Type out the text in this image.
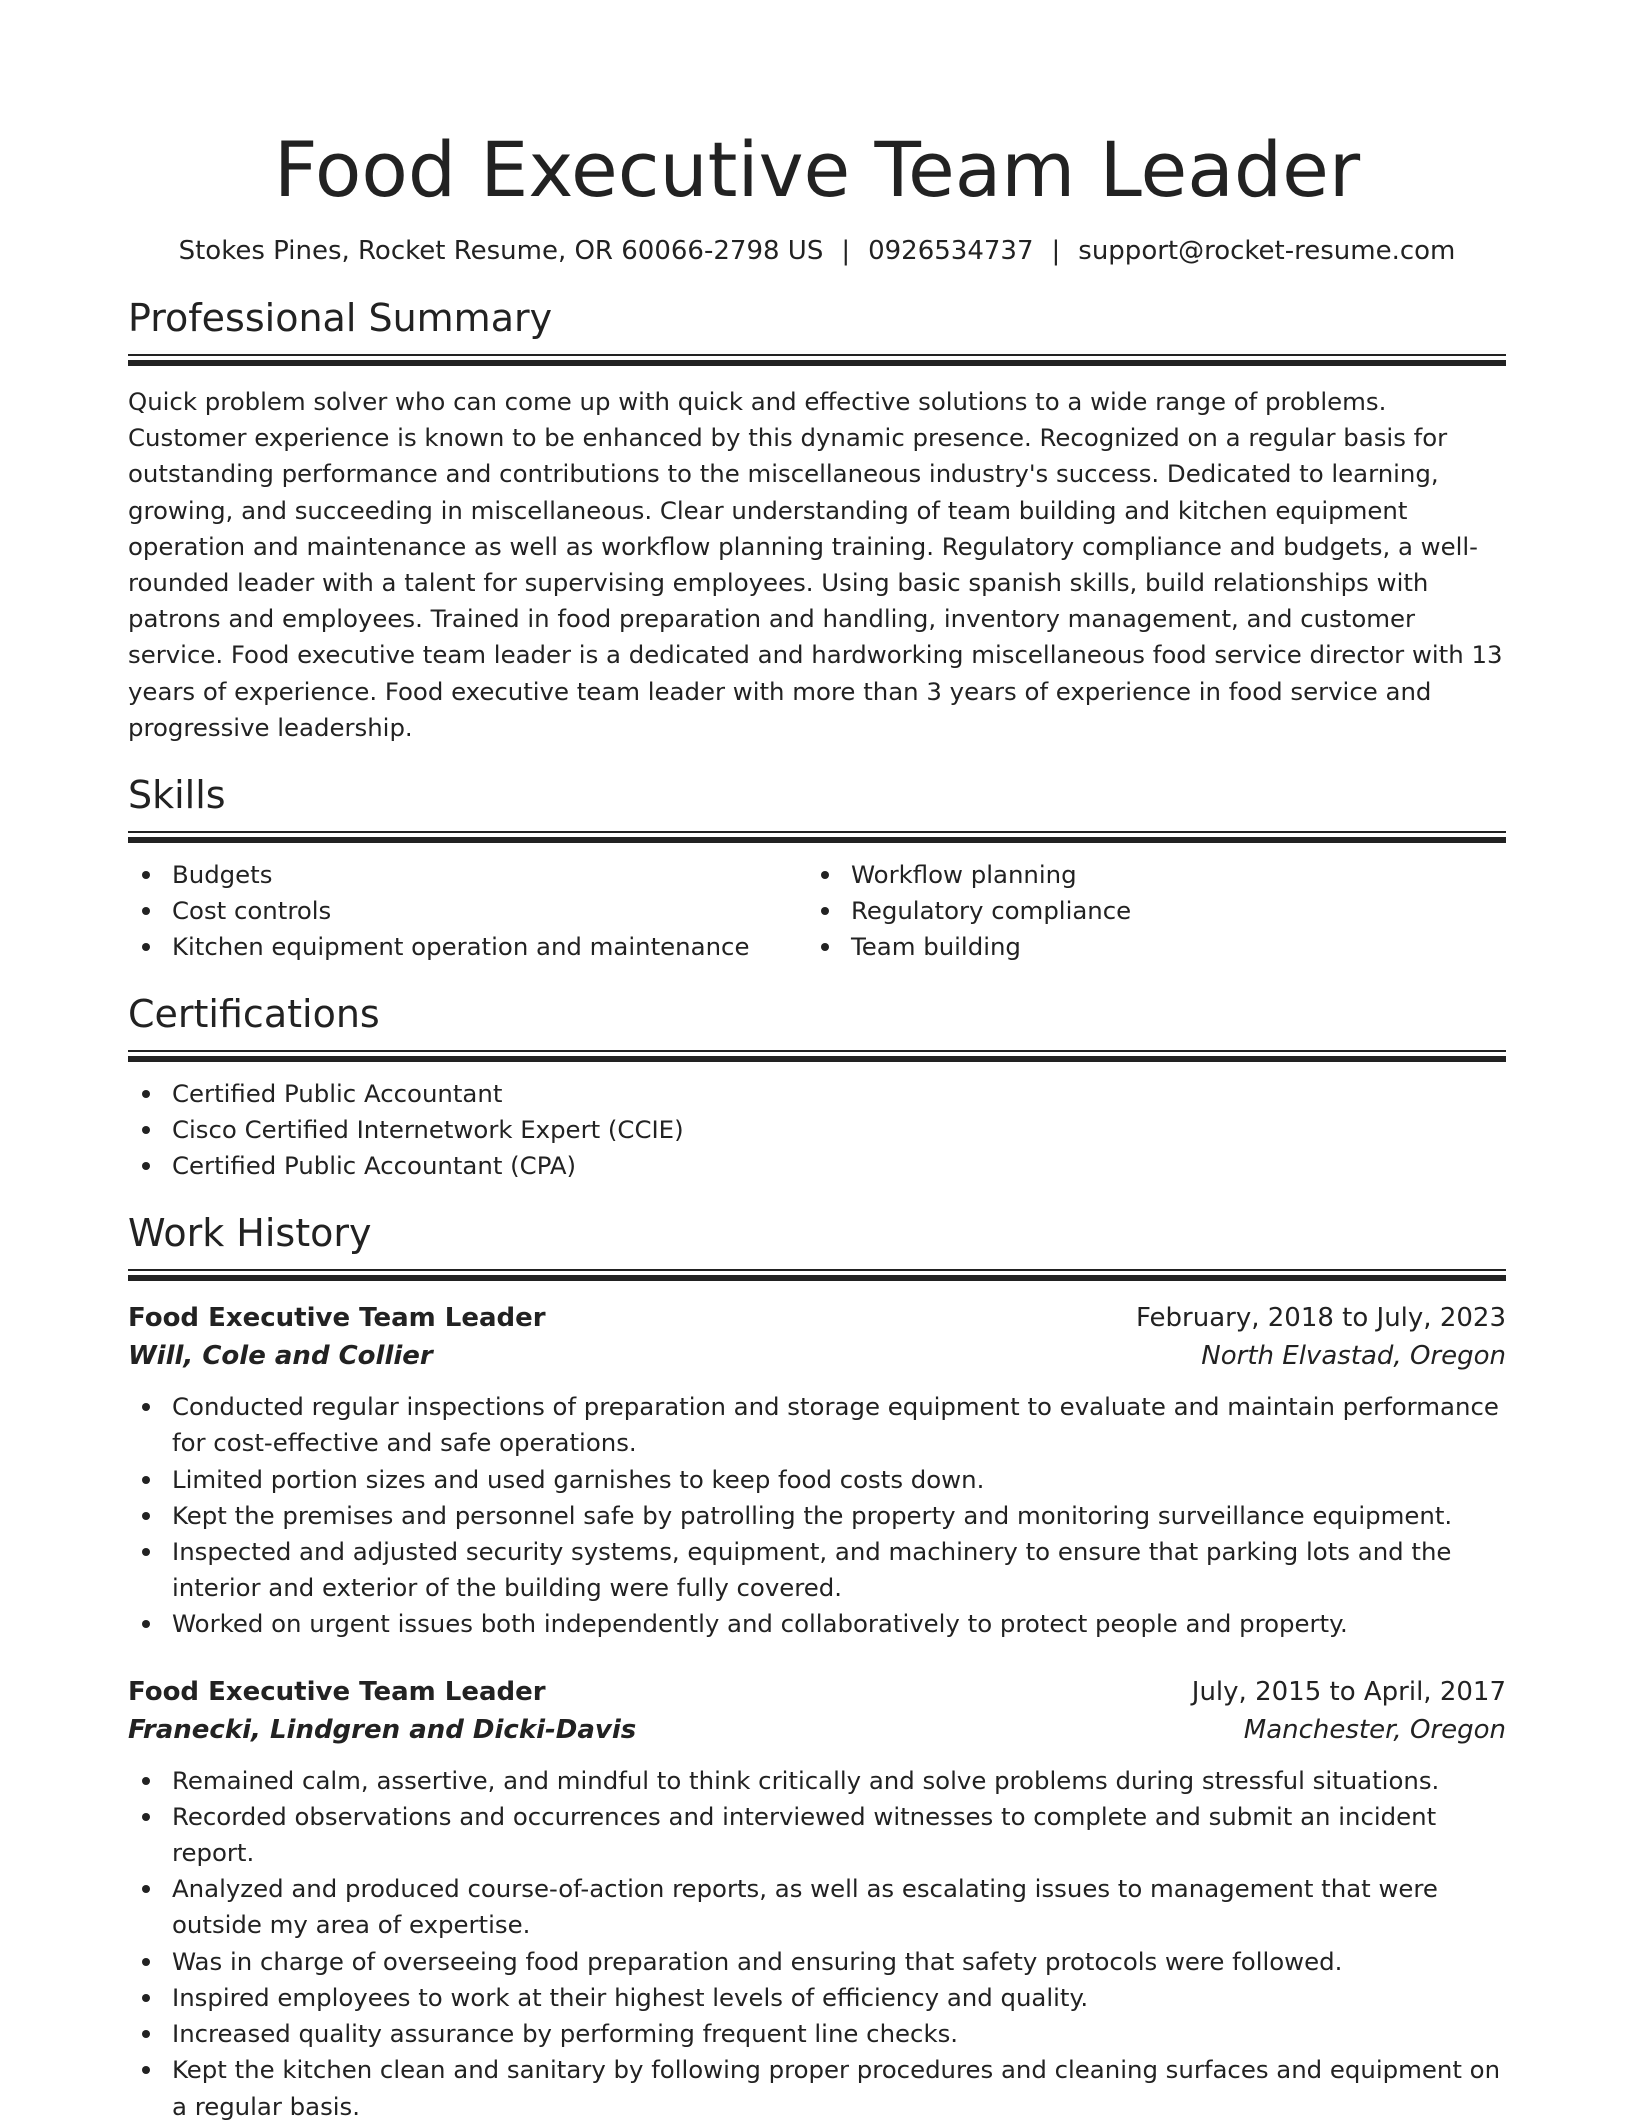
Food Executive Team Leader
Stokes Pines, Rocket Resume, OR 60066-2798 US | 0926534737 | support@rocket-resume.com
Professional Summary
Quick problem solver who can come up with quick and effective solutions to a wide range of problems. Customer experience is known to be enhanced by this dynamic presence. Recognized on a regular basis for outstanding performance and contributions to the miscellaneous industry's success. Dedicated to learning, growing, and succeeding in miscellaneous. Clear understanding of team building and kitchen equipment operation and maintenance as well as workflow planning training. Regulatory compliance and budgets, a well-rounded leader with a talent for supervising employees. Using basic spanish skills, build relationships with patrons and employees. Trained in food preparation and handling, inventory management, and customer service. Food executive team leader is a dedicated and hardworking miscellaneous food service director with 13 years of experience. Food executive team leader with more than 3 years of experience in food service and progressive leadership.
Skills
Budgets
Cost controls
Kitchen equipment operation and maintenance
Workflow planning
Regulatory compliance
Team building
Certifications
Certified Public Accountant
Cisco Certified Internetwork Expert (CCIE)
Certified Public Accountant (CPA)
Work History
Food Executive Team Leader	February, 2018 to July, 2023
Will, Cole and Collier	North Elvastad, Oregon
Conducted regular inspections of preparation and storage equipment to evaluate and maintain performance for cost-effective and safe operations.
Limited portion sizes and used garnishes to keep food costs down.
Kept the premises and personnel safe by patrolling the property and monitoring surveillance equipment.
Inspected and adjusted security systems, equipment, and machinery to ensure that parking lots and the interior and exterior of the building were fully covered.
Worked on urgent issues both independently and collaboratively to protect people and property.
Food Executive Team Leader	July, 2015 to April, 2017
Franecki, Lindgren and Dicki-Davis	Manchester, Oregon
Remained calm, assertive, and mindful to think critically and solve problems during stressful situations.
Recorded observations and occurrences and interviewed witnesses to complete and submit an incident report.
Analyzed and produced course-of-action reports, as well as escalating issues to management that were outside my area of expertise.
Was in charge of overseeing food preparation and ensuring that safety protocols were followed.
Inspired employees to work at their highest levels of efficiency and quality.
Increased quality assurance by performing frequent line checks.
Kept the kitchen clean and sanitary by following proper procedures and cleaning surfaces and equipment on a regular basis.
